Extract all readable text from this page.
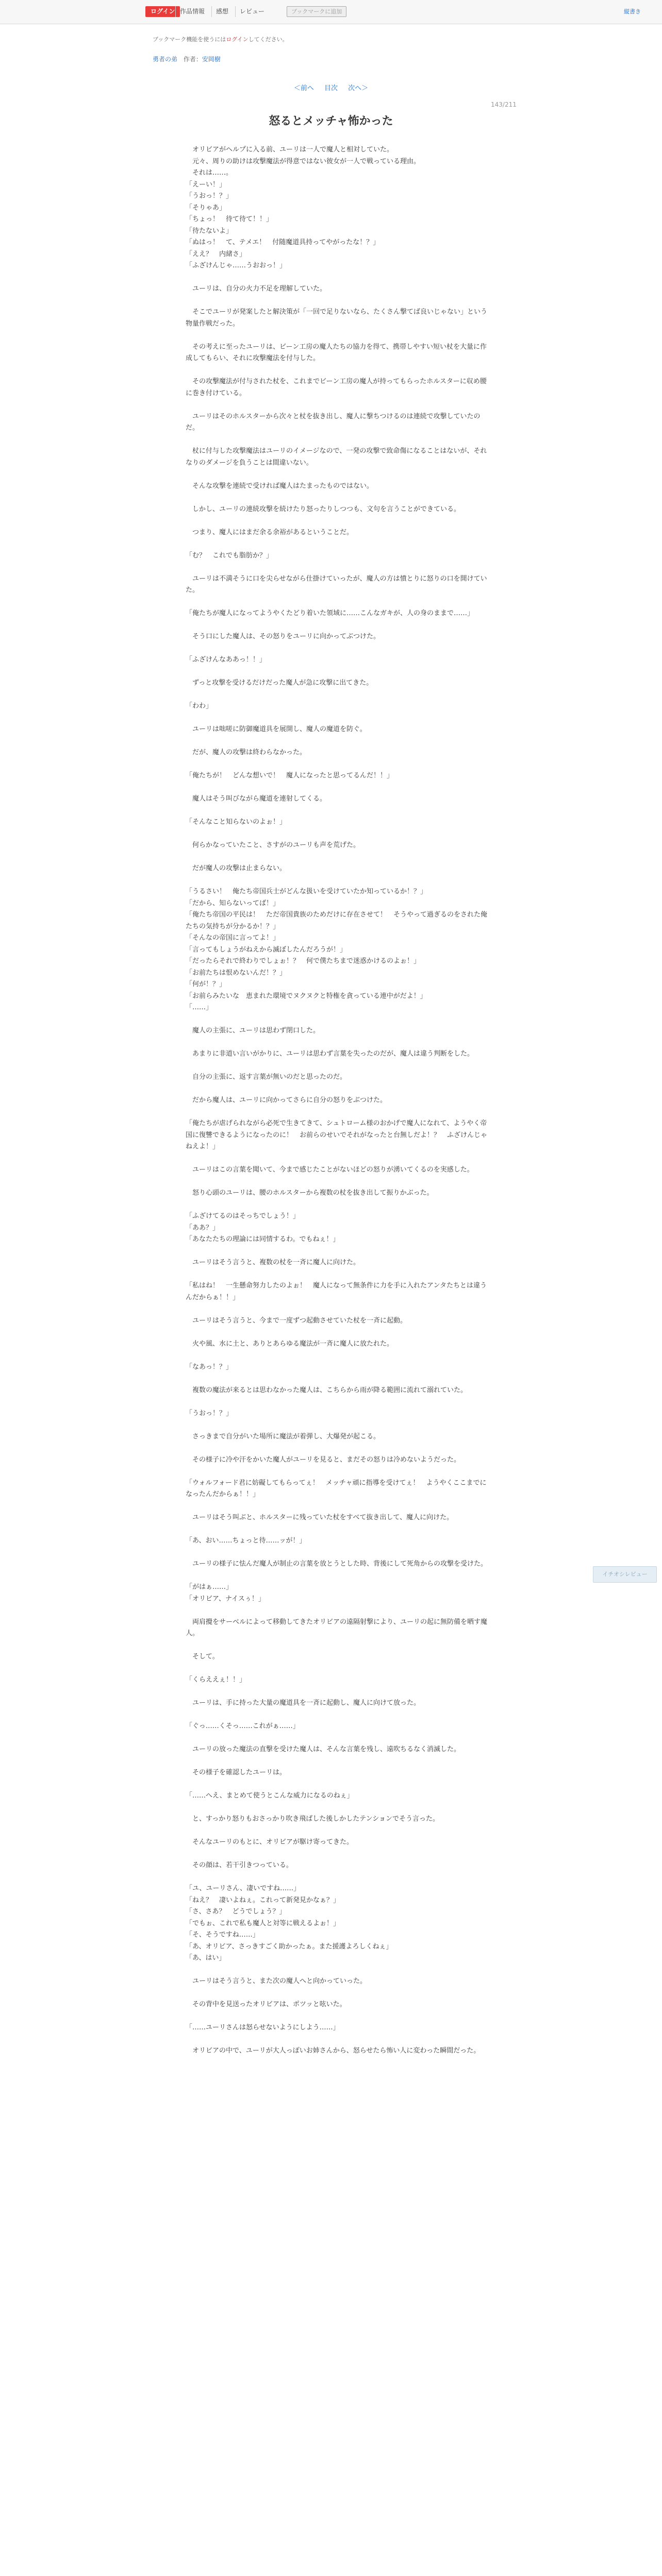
ログイン 作品情報	感想	レビュー	ブックマークに追加	縦書き
ブックマーク機能を使うにはログインしてください。
勇者の弟 作者：安岡樹
＜前へ 目次 次へ＞
143/211
怒るとメッチャ怖かった

　オリビアがヘルプに入る前、ユーリは一人で魔人と相対していた。
　元々、周りの助けは攻撃魔法が得意ではない彼女が一人で戦っている理由。
　それは……。
「えーい！」
「うおっ！？」
「そりゃあ」
「ちょっ！　待て待て！！」
「待たないよ」
「ぬはっ！　て、テメエ！　付随魔道具持ってやがったな！？」
「ええ？　内緒さ」
「ふざけんじゃ……うおおっ！」

　ユーリは、自分の火力不足を理解していた。

　そこでユーリが発案したと解決策が「一回で足りないなら、たくさん撃てば良いじゃない」という物量作戦だった。

　その考えに至ったユーリは、ビーン工房の魔人たちの協力を得て、携帯しやすい短い杖を大量に作成してもらい、それに攻撃魔法を付与した。

　その攻撃魔法が付与された杖を、これまでビーン工房の魔人が持ってもらったホルスターに収め腰に巻き付けている。

　ユーリはそのホルスターから次々と杖を抜き出し、魔人に撃ちつけるのは連続で攻撃していたのだ。

　杖に付与した攻撃魔法はユーリのイメージなので、一発の攻撃で致命傷になることはないが、それなりのダメージを負うことは間違いない。

　そんな攻撃を連続で受ければ魔人はたまったものではない。

　しかし、ユーリの連続攻撃を続けたり怒ったりしつつも、文句を言うことができている。

　つまり、魔人にはまだ余る余裕があるということだ。

「む？　これでも脂肪か？」

　ユーリは不満そうに口を尖らせながら仕掛けていったが、魔人の方は憤とりに怒りの口を開けていた。

「俺たちが魔人になってようやくたどり着いた領域に……こんなガキが、人の身のままで……」

　そう口にした魔人は、その怒りをユーリに向かってぶつけた。

「ふざけんなああっ！！」

　ずっと攻撃を受けるだけだった魔人が急に攻撃に出てきた。

「わわ」

　ユーリは咄嗟に防御魔道具を展開し、魔人の魔道を防ぐ。

　だが、魔人の攻撃は終わらなかった。

「俺たちが！　どんな想いで！　魔人になったと思ってるんだ！！」

　魔人はそう叫びながら魔道を連射してくる。

「そんなこと知らないのよぉ！」

　何らかなっていたこと、さすがのユーリも声を荒げた。

　だが魔人の攻撃は止まらない。

「うるさい！　俺たち帝国兵士がどんな扱いを受けていたか知っているか！？」
「だから、知らないってば！」
「俺たち帝国の平民は！　ただ帝国貴族のためだけに存在させて！　そうやって過ぎるのをされた俺たちの気持ちが分かるか！？」
「そんなの帝国に言ってよ！」
「言ってもしょうがねえから滅ぼしたんだろうが！」
「だったらそれで終わりでしょぉ！？　何で僕たちまで迷惑かけるのよぉ！」
「お前たちは恨めないんだ！？」
「何が！？」
「お前らみたいな　恵まれた環境でヌクヌクと特権を貪っている連中がだよ！」
「……」

　魔人の主張に、ユーリは思わず閉口した。

　あまりに非道い言いがかりに、ユーリは思わず言葉を失ったのだが、魔人は違う判断をした。

　自分の主張に、返す言葉が無いのだと思ったのだ。

　だから魔人は、ユーリに向かってさらに自分の怒りをぶつけた。

「俺たちが虐げられながら必死で生きてきて、シュトローム様のおかげで魔人になれて、ようやく帝国に復讐できるようになったのに！　お前らのせいでそれがなったと台無しだよ！？　ふざけんじゃねえよ！」

　ユーリはこの言葉を聞いて、今まで感じたことがないほどの怒りが湧いてくるのを実感した。

　怒り心頭のユーリは、腰のホルスターから複数の杖を抜き出して振りかぶった。

「ふざけてるのはそっちでしょう！」
「ああ？」
「あなたたちの理論には同情するわ。でもねぇ！」

　ユーリはそう言うと、複数の杖を一斉に魔人に向けた。

「私はね！　一生懸命努力したのよぉ！　魔人になって無条件に力を手に入れたアンタたちとは違うんだからぁ！！」

　ユーリはそう言うと、今まで一度ずつ起動させていた杖を一斉に起動。

　火や風、水に土と、ありとあらゆる魔法が一斉に魔人に放たれた。

「なあっ！？」

　複数の魔法が来るとは思わなかった魔人は、こちらから雨が降る範囲に流れて溺れていた。

「うおっ！？」

　さっきまで自分がいた場所に魔法が着弾し、大爆発が起こる。

　その様子に冷や汗をかいた魔人がユーリを見ると、まだその怒りは冷めないようだった。

「ウォルフォード君に妨礙してもらってぇ！　メッチャ頑に指導を受けてぇ！　ようやくここまでになったんだからぁ！！」

　ユーリはそう叫ぶと、ホルスターに残っていた杖をすべて抜き出して、魔人に向けた。

「あ、おい……ちょっと待……ッが！」

　ユーリの様子に怯んだ魔人が制止の言葉を放とうとした時、背後にして死角からの攻撃を受けた。

「がはぁ……」
「オリビア、ナイスぅ！」

　両肩攪をサーベルによって移動してきたオリビアの遠隔射撃により、ユーリの起に無防備を晒す魔人。

　そして。

「くらええぇ！！」

　ユーリは、手に持った大量の魔道具を一斉に起動し、魔人に向けて放った。

「ぐっ……くそっ……これがぁ……」

　ユーリの放った魔法の直撃を受けた魔人は、そんな言葉を残し、遠吹ちるなく消滅した。

　その様子を確認したユーリは。

「……へえ、まとめて使うとこんな威力になるのねぇ」

　と、すっかり怒りもおさっかり吹き飛ばした後しかしたテンションでそう言った。

　そんなユーリのもとに、オリビアが駆け寄ってきた。

　その顔は、若干引きつっている。

「ユ、ユーリさん、凄いですね……」
「ねえ？　凄いよねぇ。これって新発見かなぁ？」
「さ、さあ？　どうでしょう？」
「でもぉ、これで私も魔人と対等に戦えるよぉ！」
「そ、そうですね……」
「あ、オリビア、さっきすごく助かったぁ。また援護よろしくねぇ」
「あ、はい」

　ユーリはそう言うと、また次の魔人へと向かっていった。

　その背中を見送ったオリビアは、ポツッと呟いた。

「……ユーリさんは怒らせないようにしよう……」

　オリビアの中で、ユーリが大人っぽいお姉さんから、怒らせたら怖い人に変わった瞬間だった。

イチオシレビュー
